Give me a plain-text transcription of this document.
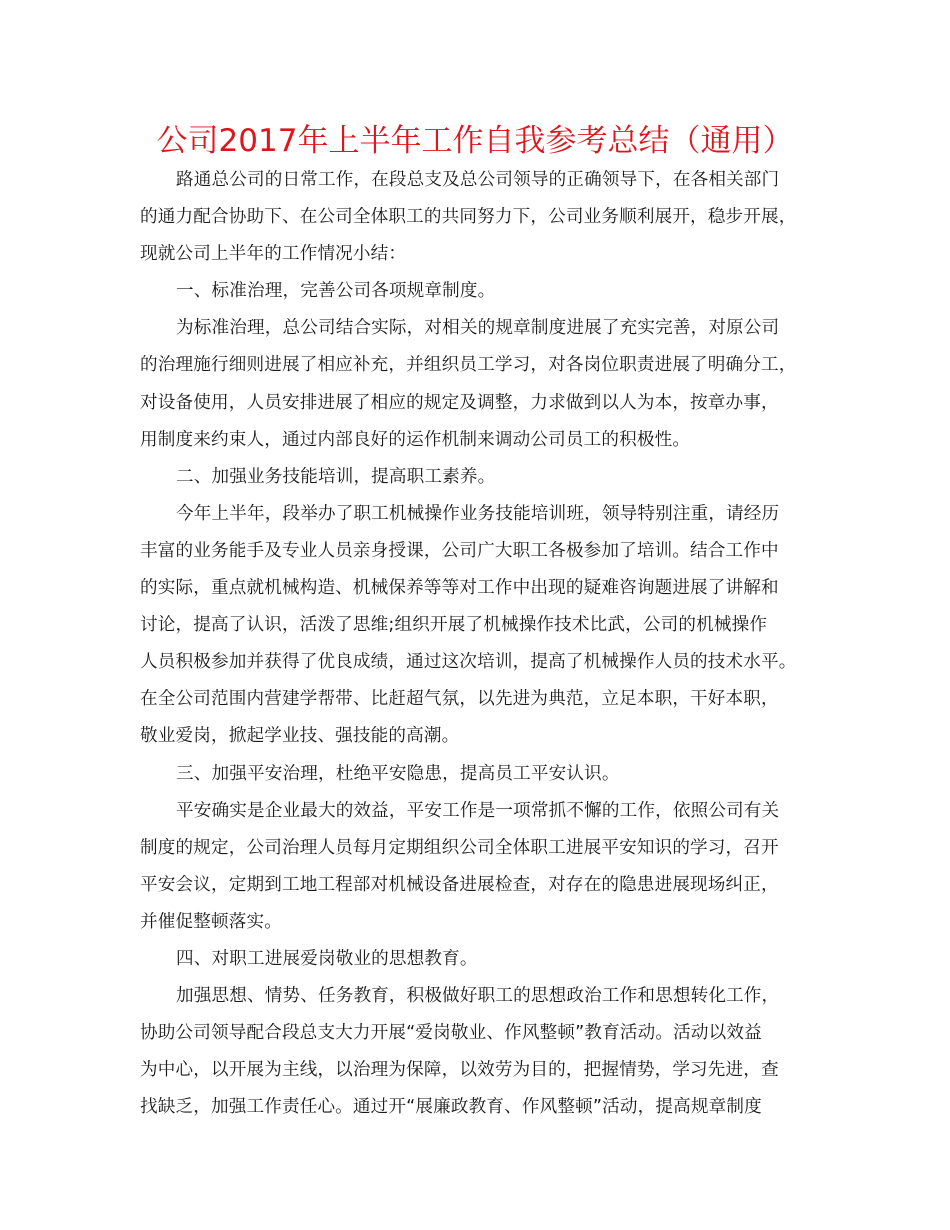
公司2017年上半年工作自我参考总结（通用）
路通总公司的日常工作，在段总支及总公司领导的正确领导下，在各相关部门
的通力配合协助下、在公司全体职工的共同努力下，公司业务顺利展开，稳步开展，
现就公司上半年的工作情况小结：
一、标准治理，完善公司各项规章制度。
为标准治理，总公司结合实际，对相关的规章制度进展了充实完善，对原公司
的治理施行细则进展了相应补充，并组织员工学习，对各岗位职责进展了明确分工，
对设备使用，人员安排进展了相应的规定及调整，力求做到以人为本，按章办事，
用制度来约束人，通过内部良好的运作机制来调动公司员工的积极性。
二、加强业务技能培训，提高职工素养。
今年上半年，段举办了职工机械操作业务技能培训班，领导特别注重，请经历
丰富的业务能手及专业人员亲身授课，公司广大职工各极参加了培训。结合工作中
的实际，重点就机械构造、机械保养等等对工作中出现的疑难咨询题进展了讲解和
讨论，提高了认识，活泼了思维;组织开展了机械操作技术比武，公司的机械操作
人员积极参加并获得了优良成绩，通过这次培训，提高了机械操作人员的技术水平。
在全公司范围内营建学帮带、比赶超气氛，以先进为典范，立足本职，干好本职，
敬业爱岗，掀起学业技、强技能的高潮。
三、加强平安治理，杜绝平安隐患，提高员工平安认识。
平安确实是企业最大的效益，平安工作是一项常抓不懈的工作，依照公司有关
制度的规定，公司治理人员每月定期组织公司全体职工进展平安知识的学习，召开
平安会议，定期到工地工程部对机械设备进展检查，对存在的隐患进展现场纠正，
并催促整顿落实。
四、对职工进展爱岗敬业的思想教育。
加强思想、情势、任务教育，积极做好职工的思想政治工作和思想转化工作，
协助公司领导配合段总支大力开展“爱岗敬业、作风整顿”教育活动。活动以效益
为中心，以开展为主线，以治理为保障，以效劳为目的，把握情势，学习先进，查
找缺乏，加强工作责任心。通过开“展廉政教育、作风整顿”活动，提高规章制度
